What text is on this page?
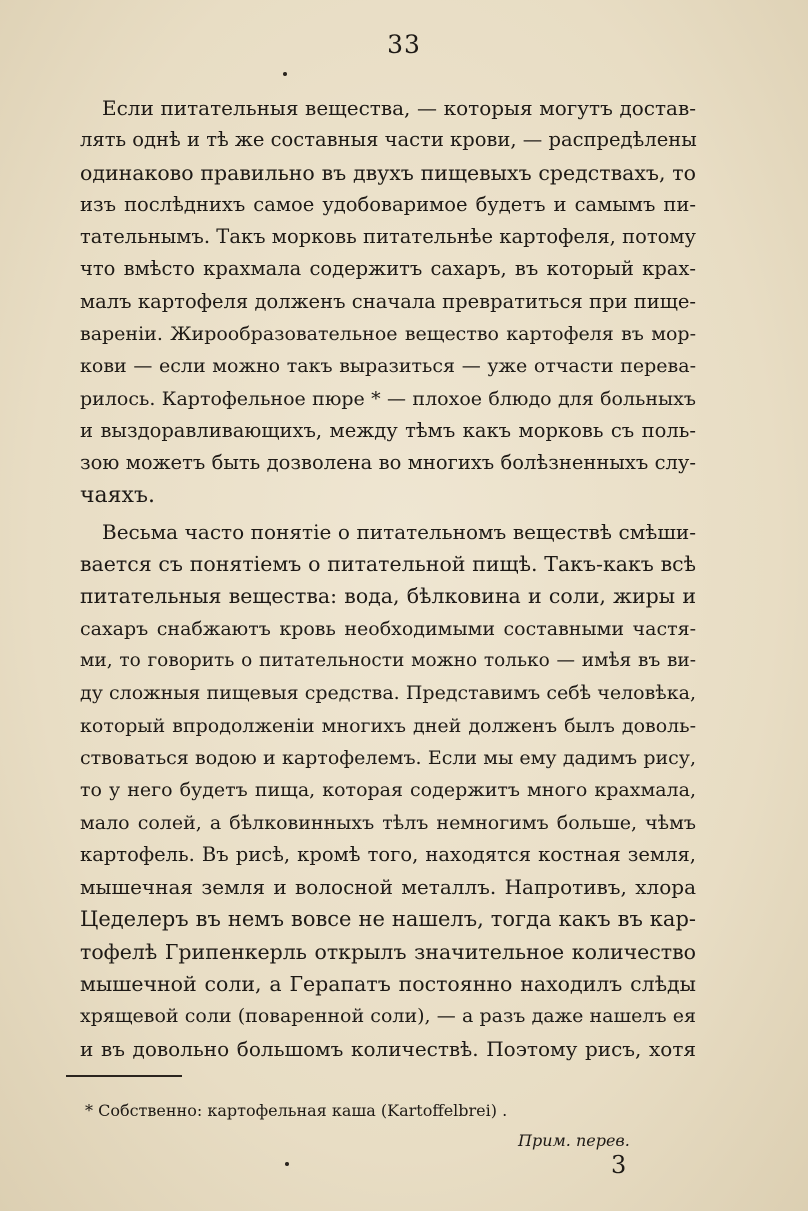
33
Если питательныя вещества, — которыя могутъ достав-
лять однѣ и тѣ же составныя части крови, — распредѣлены
одинаково правильно въ двухъ пищевыхъ средствахъ, то
изъ послѣднихъ самое удобоваримое будетъ и самымъ пи-
тательнымъ. Такъ морковь питательнѣе картофеля, потому
что вмѣсто крахмала содержитъ сахаръ, въ который крах-
малъ картофеля долженъ сначала превратиться при пище-
вареніи. Жирообразовательное вещество картофеля въ мор-
кови — если можно такъ выразиться — уже отчасти перева-
рилось. Картофельное пюре * — плохое блюдо для больныхъ
и выздоравливающихъ, между тѣмъ какъ морковь съ поль-
зою можетъ быть дозволена во многихъ болѣзненныхъ слу-
чаяхъ.
Весьма часто понятіе о питательномъ веществѣ смѣши-
вается съ понятіемъ о питательной пищѣ. Такъ-какъ всѣ
питательныя вещества: вода, бѣлковина и соли, жиры и
сахаръ снабжаютъ кровь необходимыми составными частя-
ми, то говорить о питательности можно только — имѣя въ ви-
ду сложныя пищевыя средства. Представимъ себѣ человѣка,
который впродолженіи многихъ дней долженъ былъ доволь-
ствоваться водою и картофелемъ. Если мы ему дадимъ рису,
то у него будетъ пища, которая содержитъ много крахмала,
мало солей, а бѣлковинныхъ тѣлъ немногимъ больше, чѣмъ
картофель. Въ рисѣ, кромѣ того, находятся костная земля,
мышечная земля и волосной металлъ. Напротивъ, хлора
Цеделеръ въ немъ вовсе не нашелъ, тогда какъ въ кар-
тофелѣ Грипенкерль открылъ значительное количество
мышечной соли, а Герапатъ постоянно находилъ слѣды
хрящевой соли (поваренной соли), — а разъ даже нашелъ ея
и въ довольно большомъ количествѣ. Поэтому рисъ, хотя
* Собственно: картофельная каша (Kartoffelbrei) .
Прим. перев.
3
